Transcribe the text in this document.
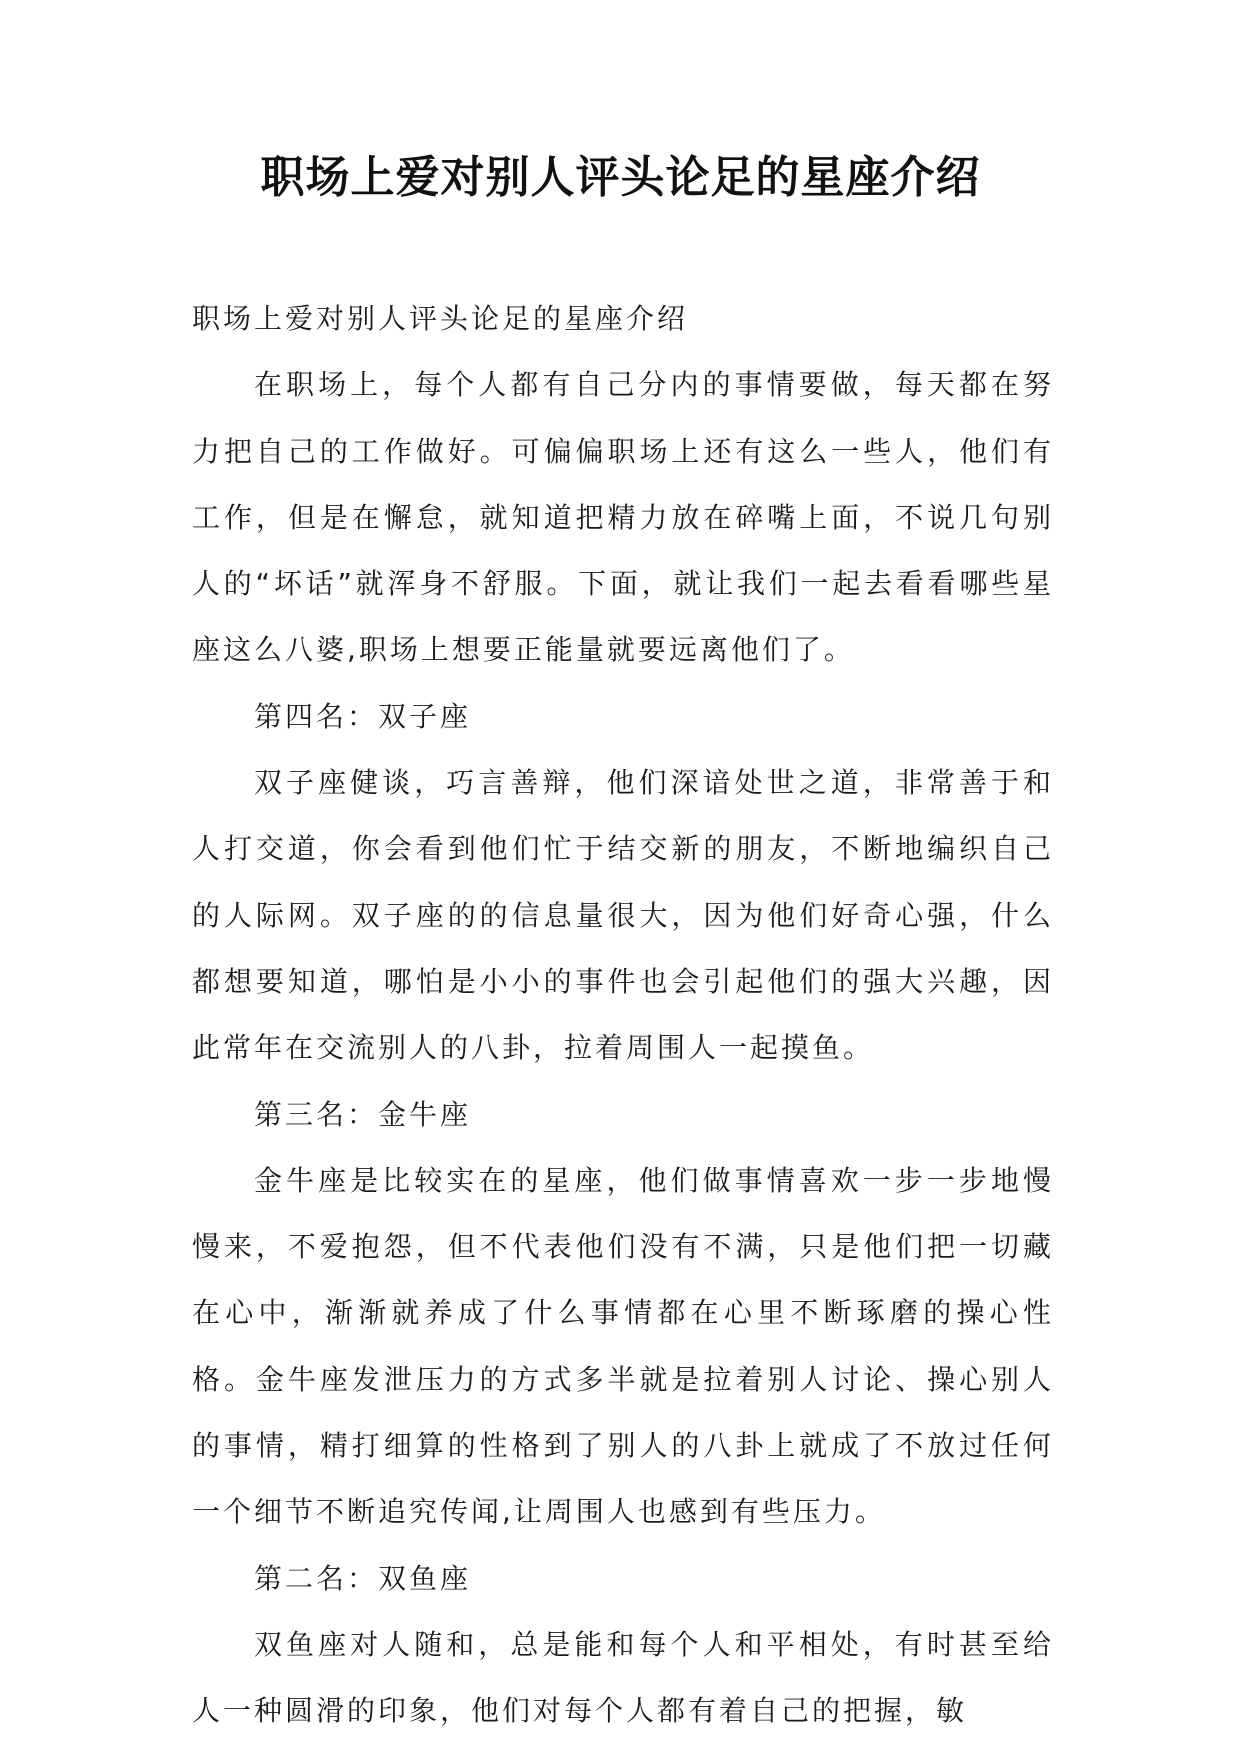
职场上爱对别人评头论足的星座介绍

职场上爱对别人评头论足的星座介绍

在职场上，每个人都有自己分内的事情要做，每天都在努力把自己的工作做好。可偏偏职场上还有这么一些人，他们有工作，但是在懈怠，就知道把精力放在碎嘴上面，不说几句别人的“坏话”就浑身不舒服。下面，就让我们一起去看看哪些星座这么八婆,职场上想要正能量就要远离他们了。

第四名：双子座

双子座健谈，巧言善辩，他们深谙处世之道，非常善于和人打交道，你会看到他们忙于结交新的朋友，不断地编织自己的人际网。双子座的的信息量很大，因为他们好奇心强，什么都想要知道，哪怕是小小的事件也会引起他们的强大兴趣，因此常年在交流别人的八卦，拉着周围人一起摸鱼。

第三名：金牛座

金牛座是比较实在的星座，他们做事情喜欢一步一步地慢慢来，不爱抱怨，但不代表他们没有不满，只是他们把一切藏在心中，渐渐就养成了什么事情都在心里不断琢磨的操心性格。金牛座发泄压力的方式多半就是拉着别人讨论、操心别人的事情，精打细算的性格到了别人的八卦上就成了不放过任何一个细节不断追究传闻,让周围人也感到有些压力。

第二名：双鱼座

双鱼座对人随和，总是能和每个人和平相处，有时甚至给人一种圆滑的印象，他们对每个人都有着自己的把握，敏
